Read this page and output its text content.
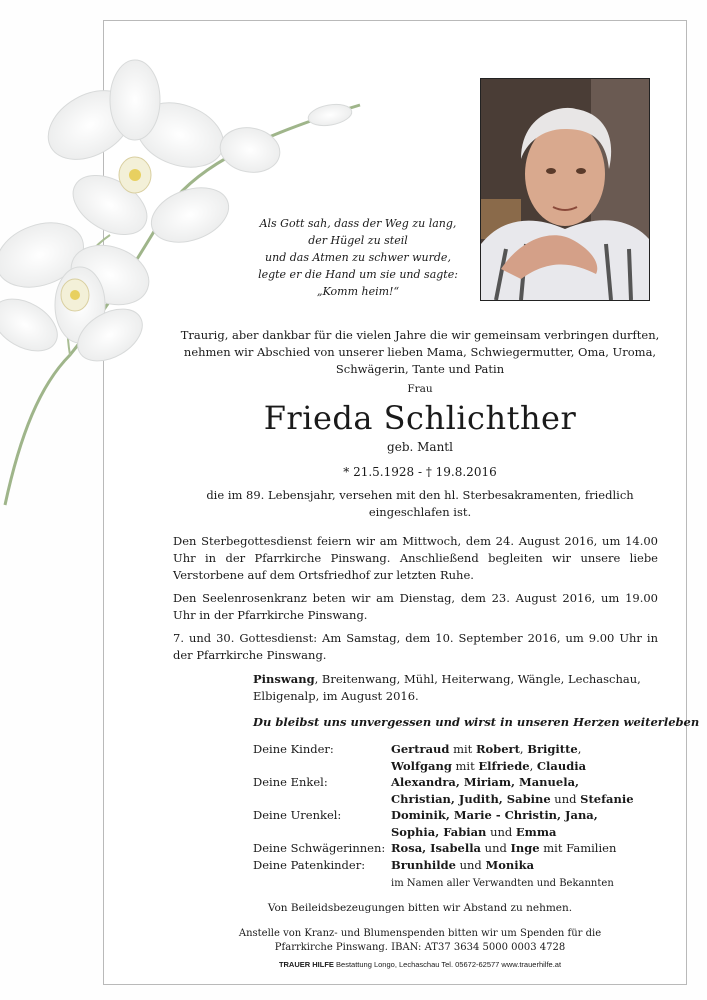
Als Gott sah, dass der Weg zu lang,
der Hügel zu steil
und das Atmen zu schwer wurde,
legte er die Hand um sie und sagte:
„Komm heim!“
Traurig, aber dankbar für die vielen Jahre die wir gemeinsam verbringen durften, nehmen wir Abschied von unserer lieben Mama, Schwiegermutter, Oma, Uroma, Schwägerin, Tante und Patin
Frau
Frieda Schlichther
geb. Mantl
* 21.5.1928 - † 19.8.2016
die im 89. Lebensjahr, versehen mit den hl. Sterbesakramenten, friedlich eingeschlafen ist.
Den Sterbegottesdienst feiern wir am Mittwoch, dem 24. August 2016, um 14.00 Uhr in der Pfarrkirche Pinswang. Anschließend begleiten wir unsere liebe Verstorbene auf dem Ortsfriedhof zur letzten Ruhe.
Den Seelenrosenkranz beten wir am Dienstag, dem 23. August 2016, um 19.00 Uhr in der Pfarrkirche Pinswang.
7. und 30. Gottesdienst: Am Samstag, dem 10. September 2016, um 9.00 Uhr in der Pfarrkirche Pinswang.
Pinswang, Breitenwang, Mühl, Heiterwang, Wängle, Lechaschau, Elbigenalp, im August 2016.
Du bleibst uns unvergessen und wirst in unseren Herzen weiterleben
Deine Kinder:	Gertraud mit Robert, Brigitte,
Wolfgang mit Elfriede, Claudia
Deine Enkel:	Alexandra, Miriam, Manuela,
Christian, Judith, Sabine und Stefanie
Deine Urenkel:	Dominik, Marie - Christin, Jana,
Sophia, Fabian und Emma
Deine Schwägerinnen: Rosa, Isabella und Inge mit Familien
Deine Patenkinder:	Brunhilde und Monika
im Namen aller Verwandten und Bekannten
Von Beileidsbezeugungen bitten wir Abstand zu nehmen.
Anstelle von Kranz- und Blumenspenden bitten wir um Spenden für die
Pfarrkirche Pinswang. IBAN: AT37 3634 5000 0003 4728
TRAUER HILFE Bestattung Longo, Lechaschau Tel. 05672-62577 www.trauerhilfe.at
